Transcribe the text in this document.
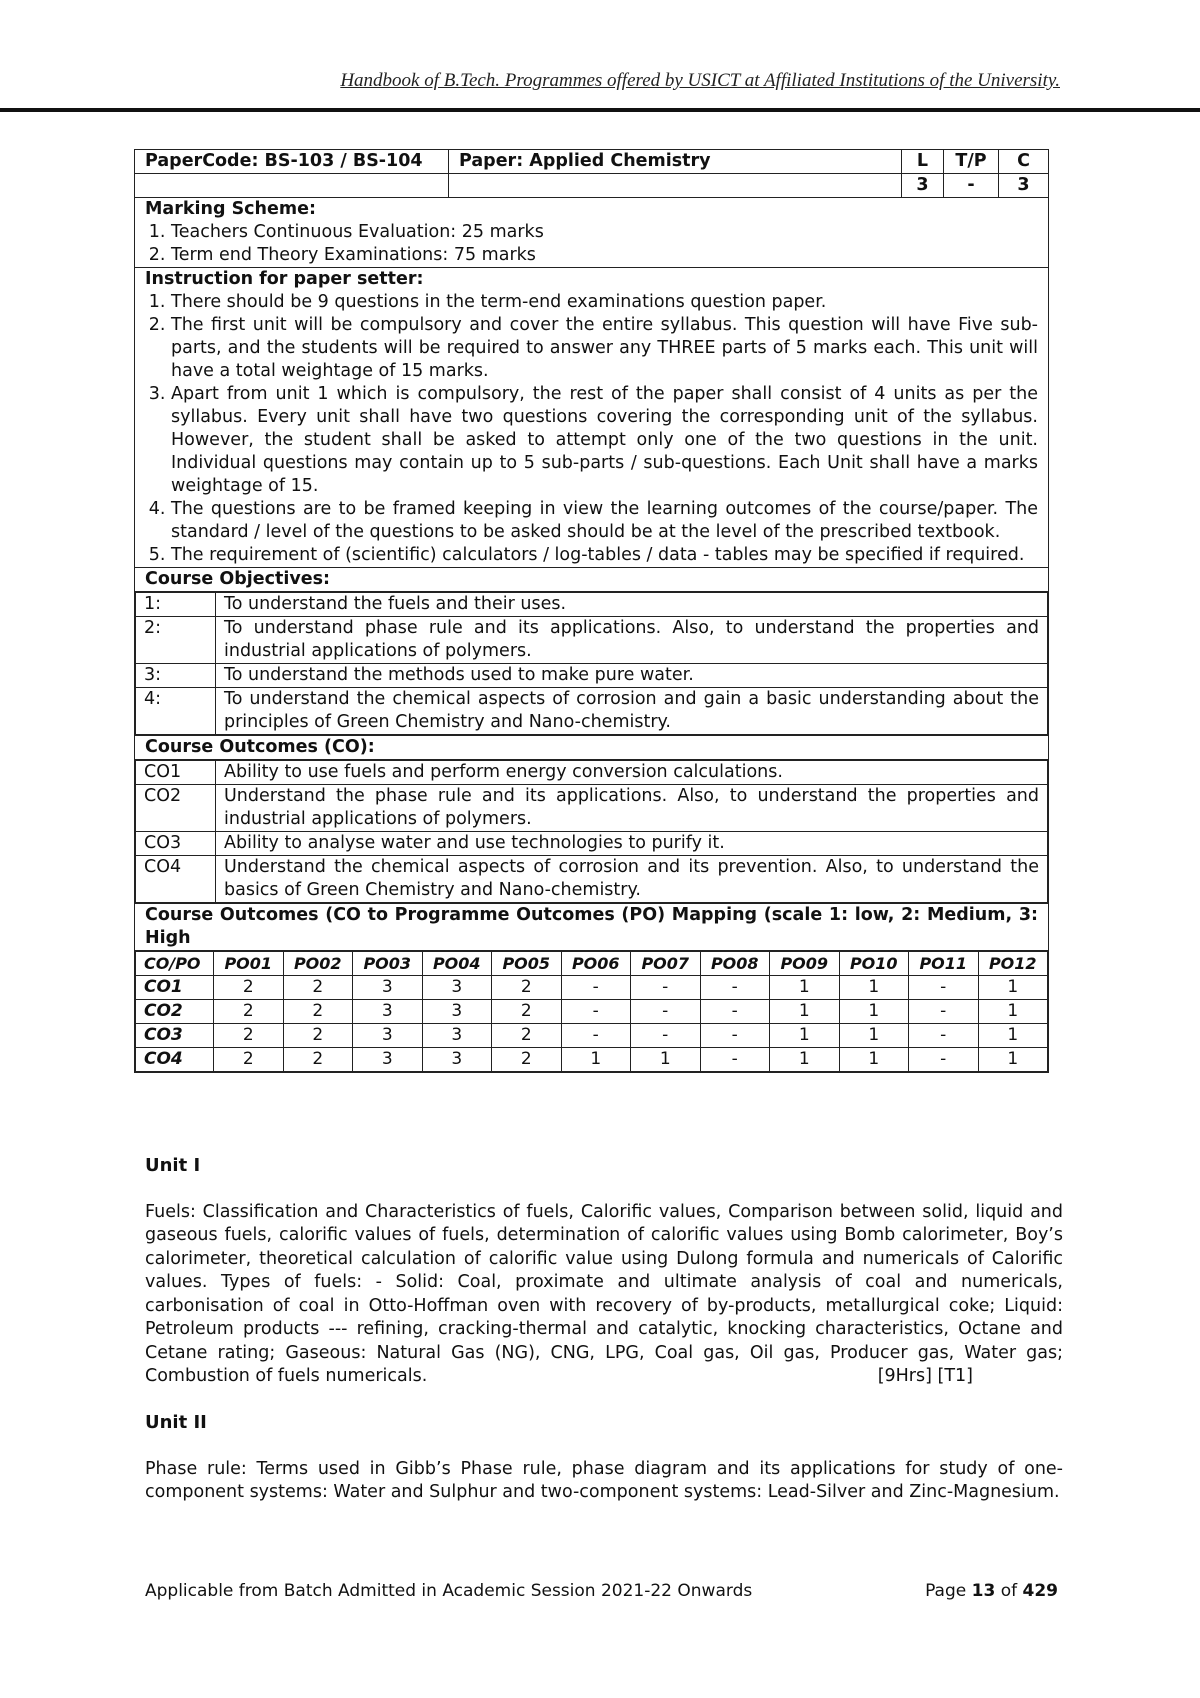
Handbook of B.Tech. Programmes offered by USICT at Affiliated Institutions of the University.
PaperCode: BS-103 / BS-104	Paper: Applied Chemistry	L	T/P	C
		3	-	3

Marking Scheme:
1. Teachers Continuous Evaluation: 25 marks
2. Term end Theory Examinations: 75 marks

Instruction for paper setter:
1. There should be 9 questions in the term-end examinations question paper.
2. The first unit will be compulsory and cover the entire syllabus. This question will have Five sub-parts, and the students will be required to answer any THREE parts of 5 marks each. This unit will have a total weightage of 15 marks.
3. Apart from unit 1 which is compulsory, the rest of the paper shall consist of 4 units as per the syllabus. Every unit shall have two questions covering the corresponding unit of the syllabus. However, the student shall be asked to attempt only one of the two questions in the unit. Individual questions may contain up to 5 sub-parts / sub-questions. Each Unit shall have a marks weightage of 15.
4. The questions are to be framed keeping in view the learning outcomes of the course/paper. The standard / level of the questions to be asked should be at the level of the prescribed textbook.
5. The requirement of (scientific) calculators / log-tables / data - tables may be specified if required.

Course Objectives:

1:	To understand the fuels and their uses.
2:	To understand phase rule and its applications. Also, to understand the properties and industrial applications of polymers.
3:	To understand the methods used to make pure water.
4:	To understand the chemical aspects of corrosion and gain a basic understanding about the principles of Green Chemistry and Nano-chemistry.

Course Outcomes (CO):

CO1	Ability to use fuels and perform energy conversion calculations.
CO2	Understand the phase rule and its applications. Also, to understand the properties and industrial applications of polymers.
CO3	Ability to analyse water and use technologies to purify it.
CO4	Understand the chemical aspects of corrosion and its prevention. Also, to understand the basics of Green Chemistry and Nano-chemistry.

Course Outcomes (CO to Programme Outcomes (PO) Mapping (scale 1: low, 2: Medium, 3: High

CO/PO	PO01	PO02	PO03	PO04	PO05	PO06	PO07	PO08	PO09	PO10	PO11	PO12
CO1	2	2	3	3	2	-	-	-	1	1	-	1
CO2	2	2	3	3	2	-	-	-	1	1	-	1
CO3	2	2	3	3	2	-	-	-	1	1	-	1
CO4	2	2	3	3	2	1	1	-	1	1	-	1
Unit I
Fuels: Classification and Characteristics of fuels, Calorific values, Comparison between solid, liquid and gaseous fuels, calorific values of fuels, determination of calorific values using Bomb calorimeter, Boy’s calorimeter, theoretical calculation of calorific value using Dulong formula and numericals of Calorific values. Types of fuels: - Solid: Coal, proximate and ultimate analysis of coal and numericals, carbonisation of coal in Otto-Hoffman oven with recovery of by-products, metallurgical coke; Liquid: Petroleum products --- refining, cracking-thermal and catalytic, knocking characteristics, Octane and Cetane rating; Gaseous: Natural Gas (NG), CNG, LPG, Coal gas, Oil gas, Producer gas, Water gas; Combustion of fuels numericals.	[9Hrs] [T1]
Unit II
Phase rule: Terms used in Gibb’s Phase rule, phase diagram and its applications for study of one-component systems: Water and Sulphur and two-component systems: Lead-Silver and Zinc-Magnesium.
Applicable from Batch Admitted in Academic Session 2021-22 Onwards	Page 13 of 429
